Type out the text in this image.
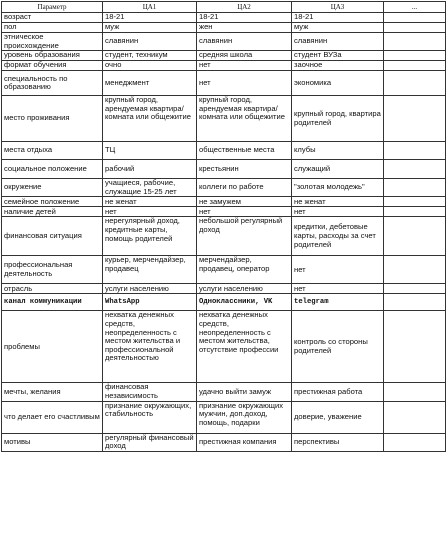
Параметр	ЦА1	ЦА2	ЦА3	...
возраст	18-21	18-21	18-21	
пол	муж	жен	муж	
этническое происхождение	славянин	славянин	славянин	
уровень образования	студент, техникум	средняя школа	студент ВУЗа	
формат обучения	очно	нет	заочное	
специальность по образованию	менеджмент	нет	экономика	
место проживания	крупный город, арендуемая квартира/комната или общежитие	крупный город, арендуемая квартира/комната или общежитие	крупный город, квартира родителей	
места отдыха	ТЦ	общественные места	клубы	
социальное положение	рабочий	крестьянин	служащий	
окружение	учащиеся, рабочие, служащие 15-25 лет	коллеги по работе	"золотая молодежь"	
семейное положение	не женат	не замужем	не женат	
наличие детей	нет	нет	нет	
финансовая ситуация	нерегулярный доход, кредитные карты, помощь родителей	небольшой регулярный доход	кредитки, дебетовые карты, расходы за счет родителей	
профессиональная деятельность	курьер, мерчендайзер, продавец	мерчендайзер, продавец, оператор	нет	
отрасль	услуги населению	услуги населению	нет	
канал коммуникации	WhatsApp	Одноклассники, VK	telegram	
проблемы	нехватка денежных средств, неопределенность с местом жительства и профессиональной деятельностью	нехватка денежных средств, неопределенность с местом жительства, отсутствие профессии	контроль со стороны родителей	
мечты, желания	финансовая независимость	удачно выйти замуж	престижная работа	
что делает его счастливым	признание окружающих, стабильность	признание окружающих мужчин, доп.доход, помощь, подарки	доверие, уважение	
мотивы	регулярный финансовый доход	престижная компания	перспективы	
